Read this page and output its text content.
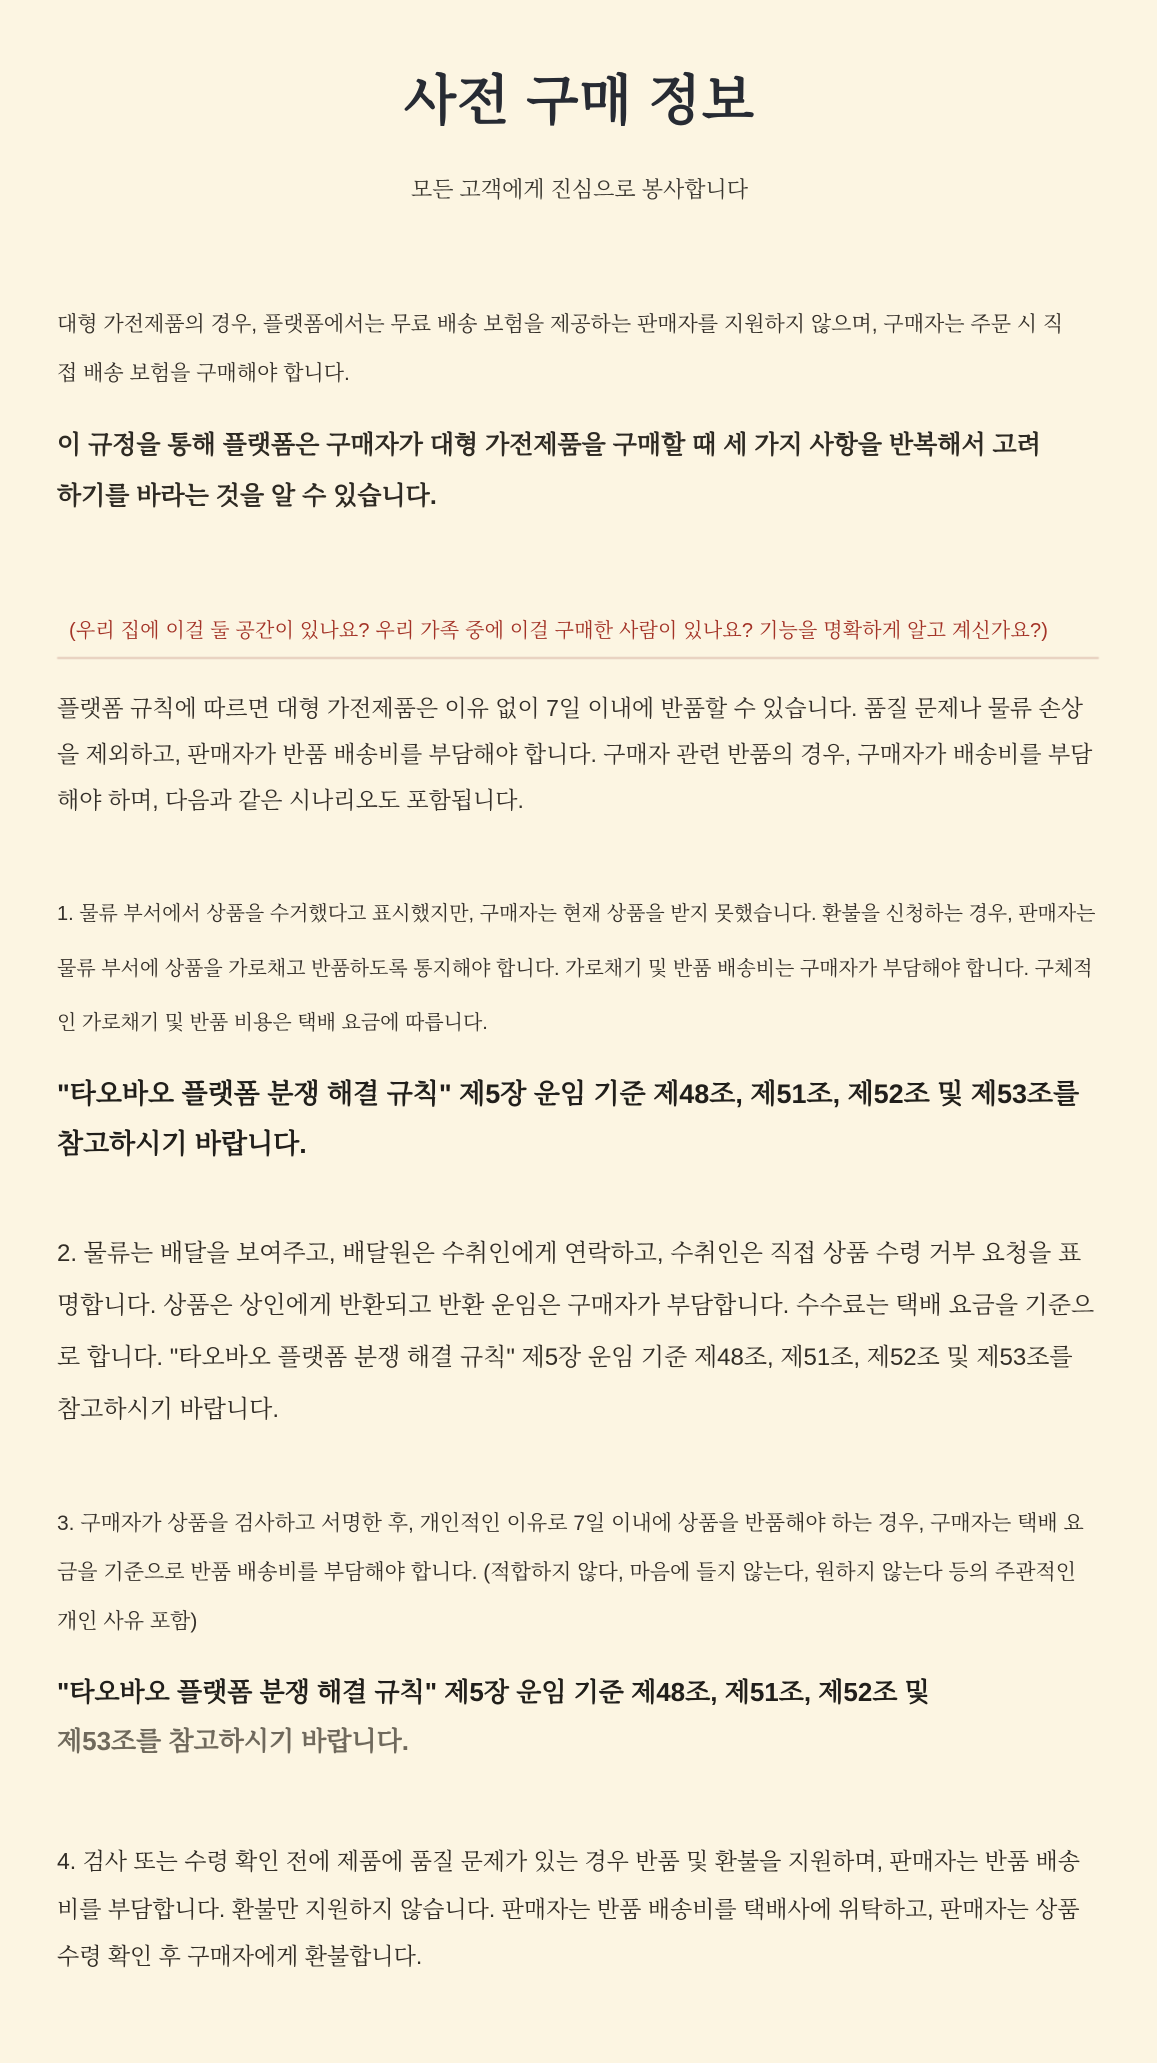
사전 구매 정보
모든 고객에게 진심으로 봉사합니다

대형 가전제품의 경우, 플랫폼에서는 무료 배송 보험을 제공하는 판매자를 지원하지 않으며, 구매자는 주문 시 직접 배송 보험을 구매해야 합니다.

이 규정을 통해 플랫폼은 구매자가 대형 가전제품을 구매할 때 세 가지 사항을 반복해서 고려하기를 바라는 것을 알 수 있습니다.

(우리 집에 이걸 둘 공간이 있나요? 우리 가족 중에 이걸 구매한 사람이 있나요? 기능을 명확하게 알고 계신가요?)

플랫폼 규칙에 따르면 대형 가전제품은 이유 없이 7일 이내에 반품할 수 있습니다. 품질 문제나 물류 손상을 제외하고, 판매자가 반품 배송비를 부담해야 합니다. 구매자 관련 반품의 경우, 구매자가 배송비를 부담해야 하며, 다음과 같은 시나리오도 포함됩니다.

1. 물류 부서에서 상품을 수거했다고 표시했지만, 구매자는 현재 상품을 받지 못했습니다. 환불을 신청하는 경우, 판매자는 물류 부서에 상품을 가로채고 반품하도록 통지해야 합니다. 가로채기 및 반품 배송비는 구매자가 부담해야 합니다. 구체적인 가로채기 및 반품 비용은 택배 요금에 따릅니다.

"타오바오 플랫폼 분쟁 해결 규칙" 제5장 운임 기준 제48조, 제51조, 제52조 및 제53조를 참고하시기 바랍니다.

2. 물류는 배달을 보여주고, 배달원은 수취인에게 연락하고, 수취인은 직접 상품 수령 거부 요청을 표명합니다. 상품은 상인에게 반환되고 반환 운임은 구매자가 부담합니다. 수수료는 택배 요금을 기준으로 합니다. "타오바오 플랫폼 분쟁 해결 규칙" 제5장 운임 기준 제48조, 제51조, 제52조 및 제53조를 참고하시기 바랍니다.

3. 구매자가 상품을 검사하고 서명한 후, 개인적인 이유로 7일 이내에 상품을 반품해야 하는 경우, 구매자는 택배 요금을 기준으로 반품 배송비를 부담해야 합니다. (적합하지 않다, 마음에 들지 않는다, 원하지 않는다 등의 주관적인 개인 사유 포함)

"타오바오 플랫폼 분쟁 해결 규칙" 제5장 운임 기준 제48조, 제51조, 제52조 및
제53조를 참고하시기 바랍니다.

4. 검사 또는 수령 확인 전에 제품에 품질 문제가 있는 경우 반품 및 환불을 지원하며, 판매자는 반품 배송비를 부담합니다. 환불만 지원하지 않습니다. 판매자는 반품 배송비를 택배사에 위탁하고, 판매자는 상품 수령 확인 후 구매자에게 환불합니다.
